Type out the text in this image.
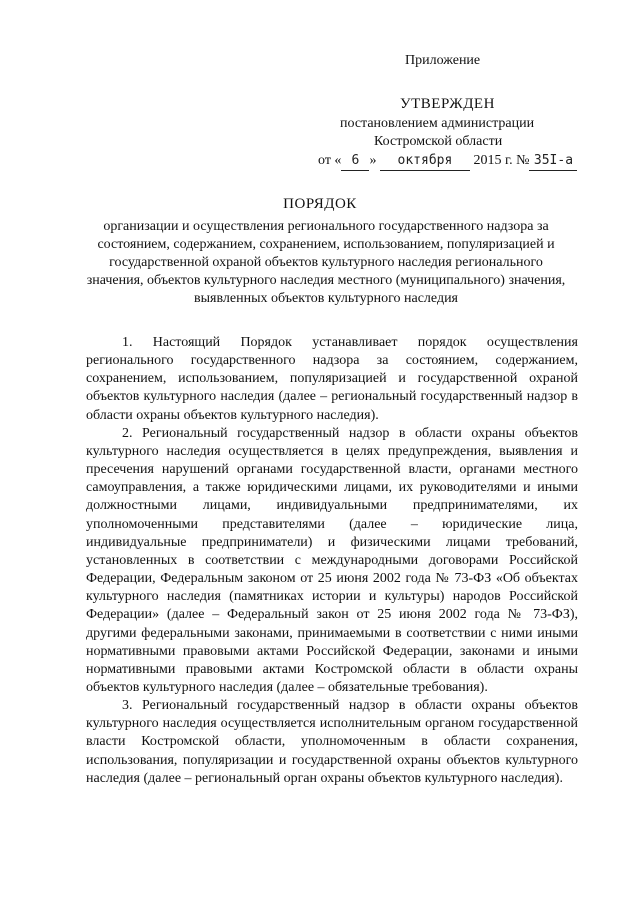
Приложение
УТВЕРЖДЕН
постановлением администрации
Костромской области
от « 6 » октября 2015 г. № 35I-а
ПОРЯДОК
организации и осуществления регионального государственного надзора за состоянием, содержанием, сохранением, использованием, популяризацией и государственной охраной объектов культурного наследия регионального значения, объектов культурного наследия местного (муниципального) значения, выявленных объектов культурного наследия

1. Настоящий Порядок устанавливает порядок осуществления регионального государственного надзора за состоянием, содержанием, сохранением, использованием, популяризацией и государственной охраной объектов культурного наследия (далее – региональный государственный надзор в области охраны объектов культурного наследия).

2. Региональный государственный надзор в области охраны объектов культурного наследия осуществляется в целях предупреждения, выявления и пресечения нарушений органами государственной власти, органами местного самоуправления, а также юридическими лицами, их руководителями и иными должностными лицами, индивидуальными предпринимателями, их уполномоченными представителями (далее – юридические лица, индивидуальные предприниматели) и физическими лицами требований, установленных в соответствии с международными договорами Российской Федерации, Федеральным законом от 25 июня 2002 года № 73-ФЗ «Об объектах культурного наследия (памятниках истории и культуры) народов Российской Федерации» (далее – Федеральный закон от 25 июня 2002 года № 73-ФЗ), другими федеральными законами, принимаемыми в соответствии с ними иными нормативными правовыми актами Российской Федерации, законами и иными нормативными правовыми актами Костромской области в области охраны объектов культурного наследия (далее – обязательные требования).

3. Региональный государственный надзор в области охраны объектов культурного наследия осуществляется исполнительным органом государственной власти Костромской области, уполномоченным в области сохранения, использования, популяризации и государственной охраны объектов культурного наследия (далее – региональный орган охраны объектов культурного наследия).
